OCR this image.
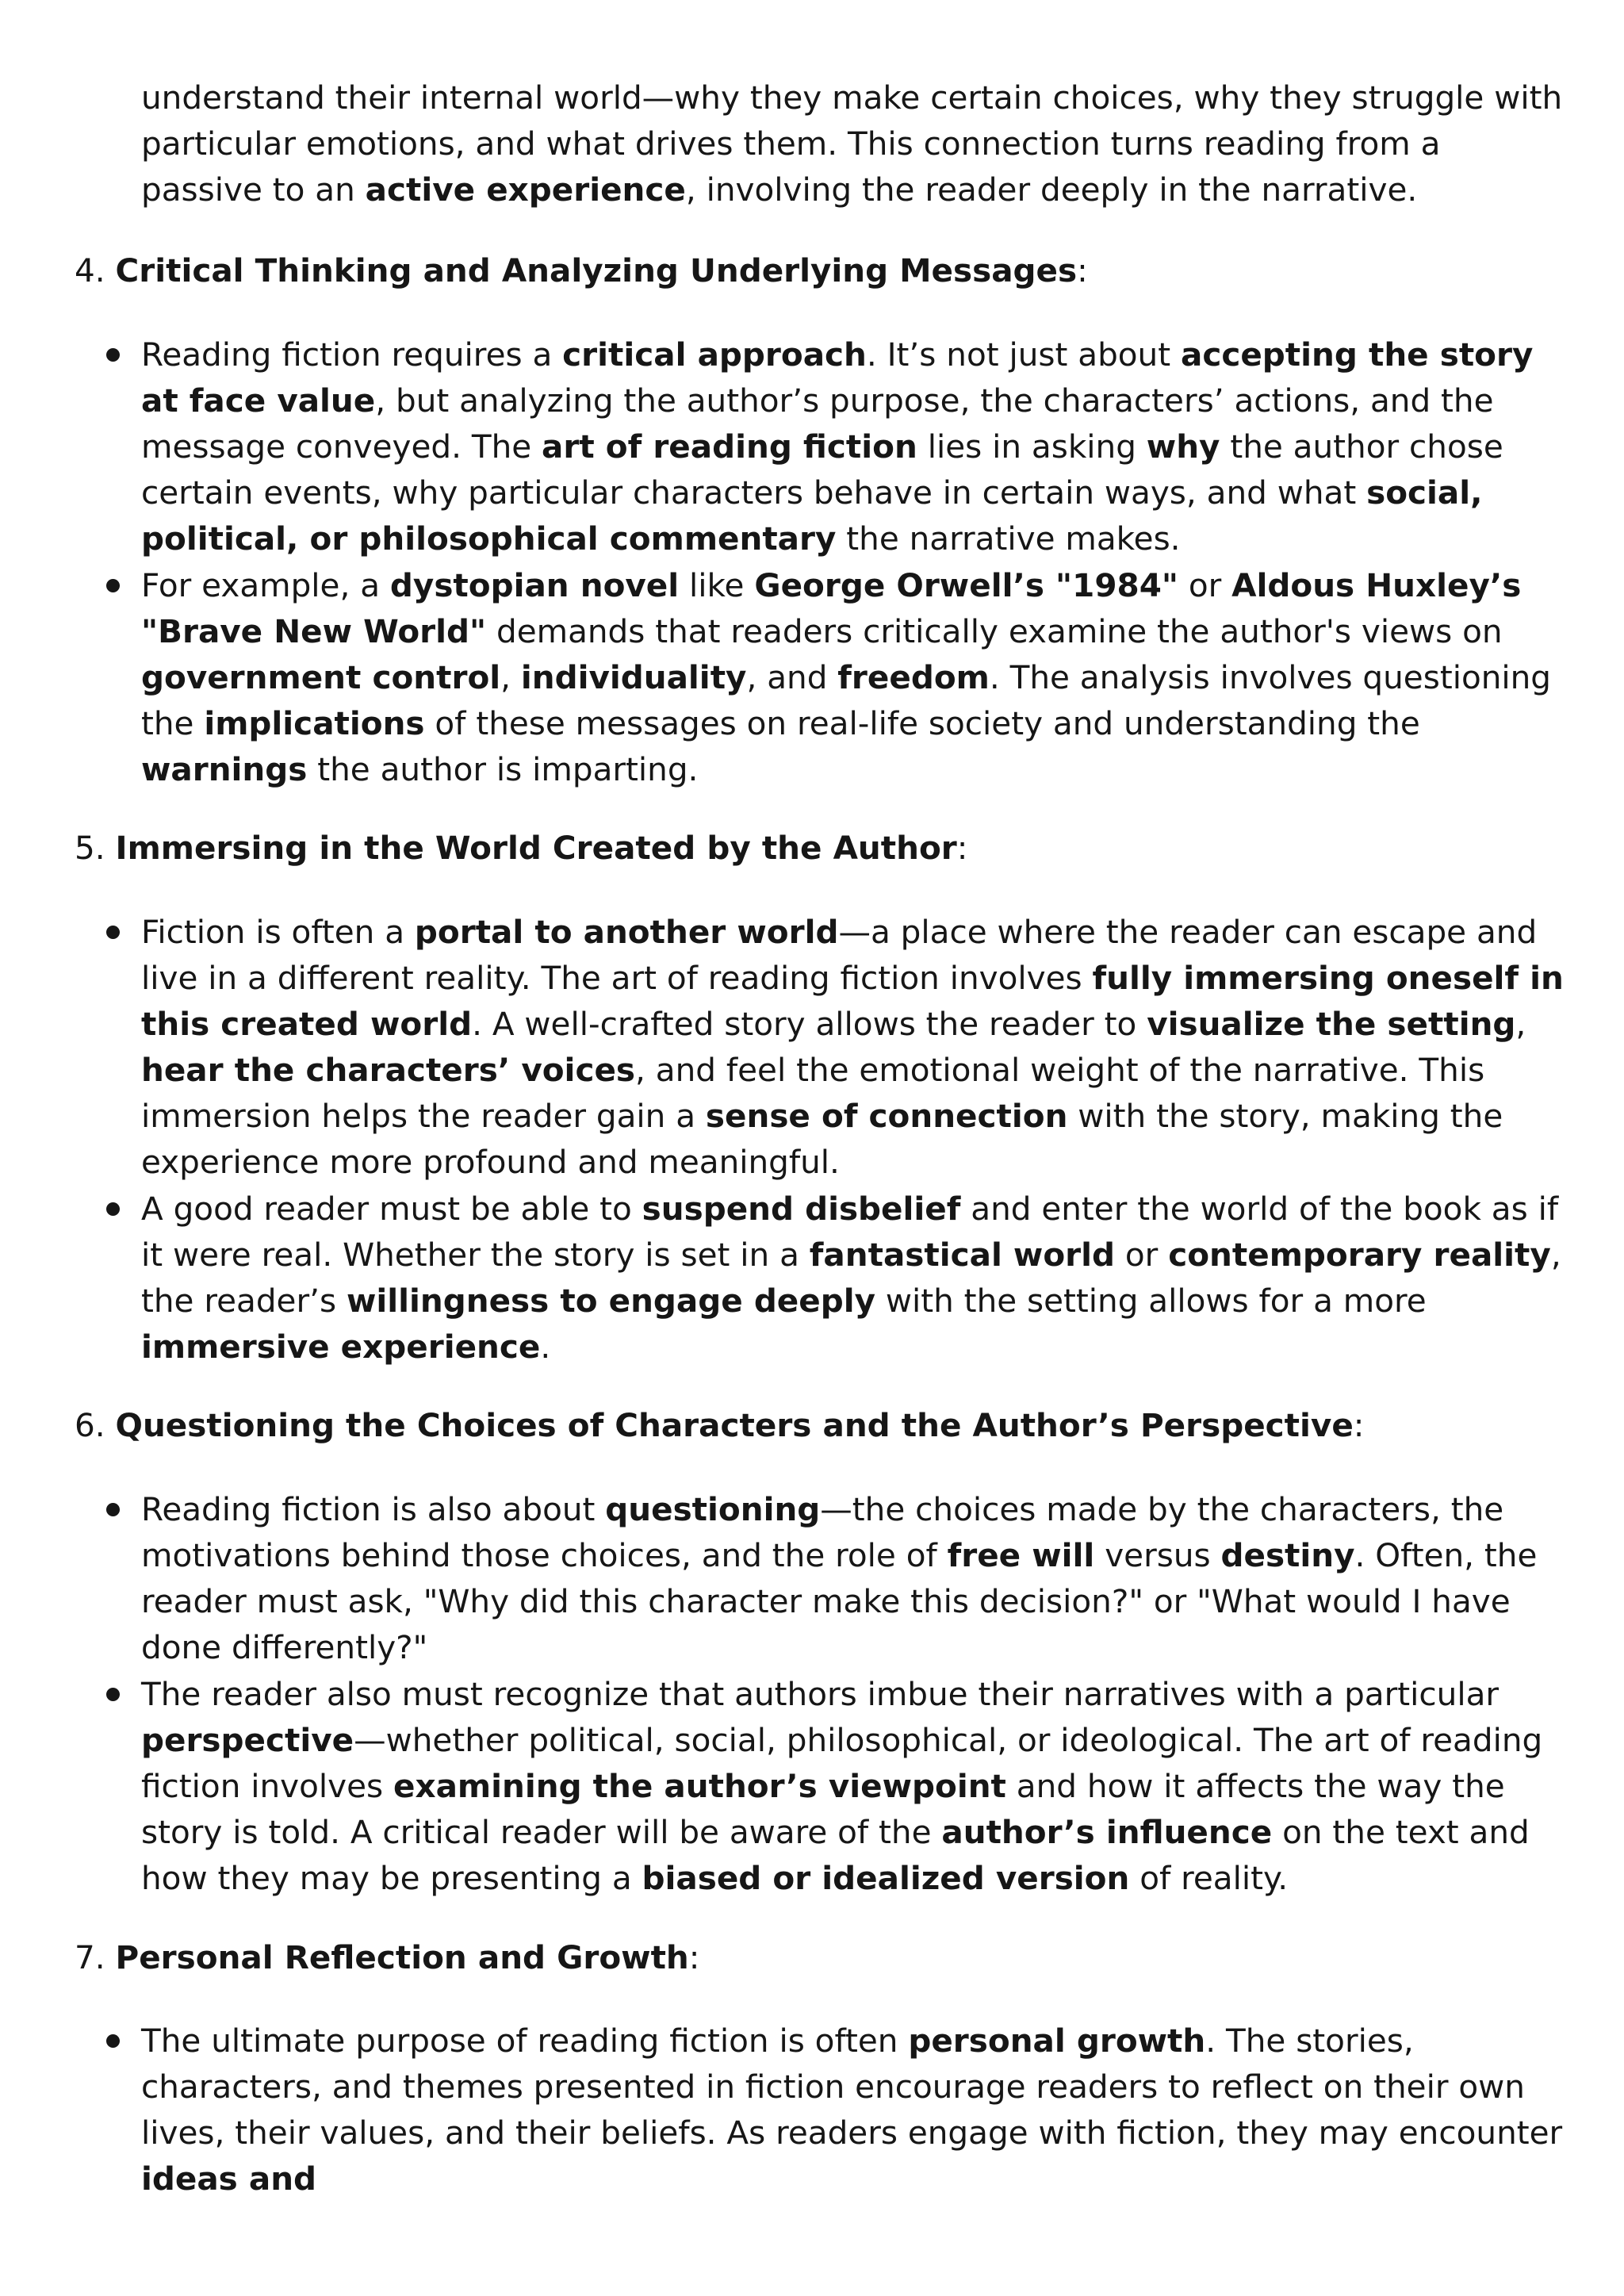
understand their internal world—why they make certain choices, why they struggle with particular emotions, and what drives them. This connection turns reading from a passive to an active experience, involving the reader deeply in the narrative.

4. Critical Thinking and Analyzing Underlying Messages:

Reading fiction requires a critical approach. It’s not just about accepting the story at face value, but analyzing the author’s purpose, the characters’ actions, and the message conveyed. The art of reading fiction lies in asking why the author chose certain events, why particular characters behave in certain ways, and what social, political, or philosophical commentary the narrative makes.

For example, a dystopian novel like George Orwell’s "1984" or Aldous Huxley’s "Brave New World" demands that readers critically examine the author's views on government control, individuality, and freedom. The analysis involves questioning the implications of these messages on real-life society and understanding the warnings the author is imparting.

5. Immersing in the World Created by the Author:

Fiction is often a portal to another world—a place where the reader can escape and live in a different reality. The art of reading fiction involves fully immersing oneself in this created world. A well-crafted story allows the reader to visualize the setting, hear the characters’ voices, and feel the emotional weight of the narrative. This immersion helps the reader gain a sense of connection with the story, making the experience more profound and meaningful.

A good reader must be able to suspend disbelief and enter the world of the book as if it were real. Whether the story is set in a fantastical world or contemporary reality, the reader’s willingness to engage deeply with the setting allows for a more immersive experience.

6. Questioning the Choices of Characters and the Author’s Perspective:

Reading fiction is also about questioning—the choices made by the characters, the motivations behind those choices, and the role of free will versus destiny. Often, the reader must ask, "Why did this character make this decision?" or "What would I have done differently?"

The reader also must recognize that authors imbue their narratives with a particular perspective—whether political, social, philosophical, or ideological. The art of reading fiction involves examining the author’s viewpoint and how it affects the way the story is told. A critical reader will be aware of the author’s influence on the text and how they may be presenting a biased or idealized version of reality.

7. Personal Reflection and Growth:

The ultimate purpose of reading fiction is often personal growth. The stories, characters, and themes presented in fiction encourage readers to reflect on their own lives, their values, and their beliefs. As readers engage with fiction, they may encounter ideas and
